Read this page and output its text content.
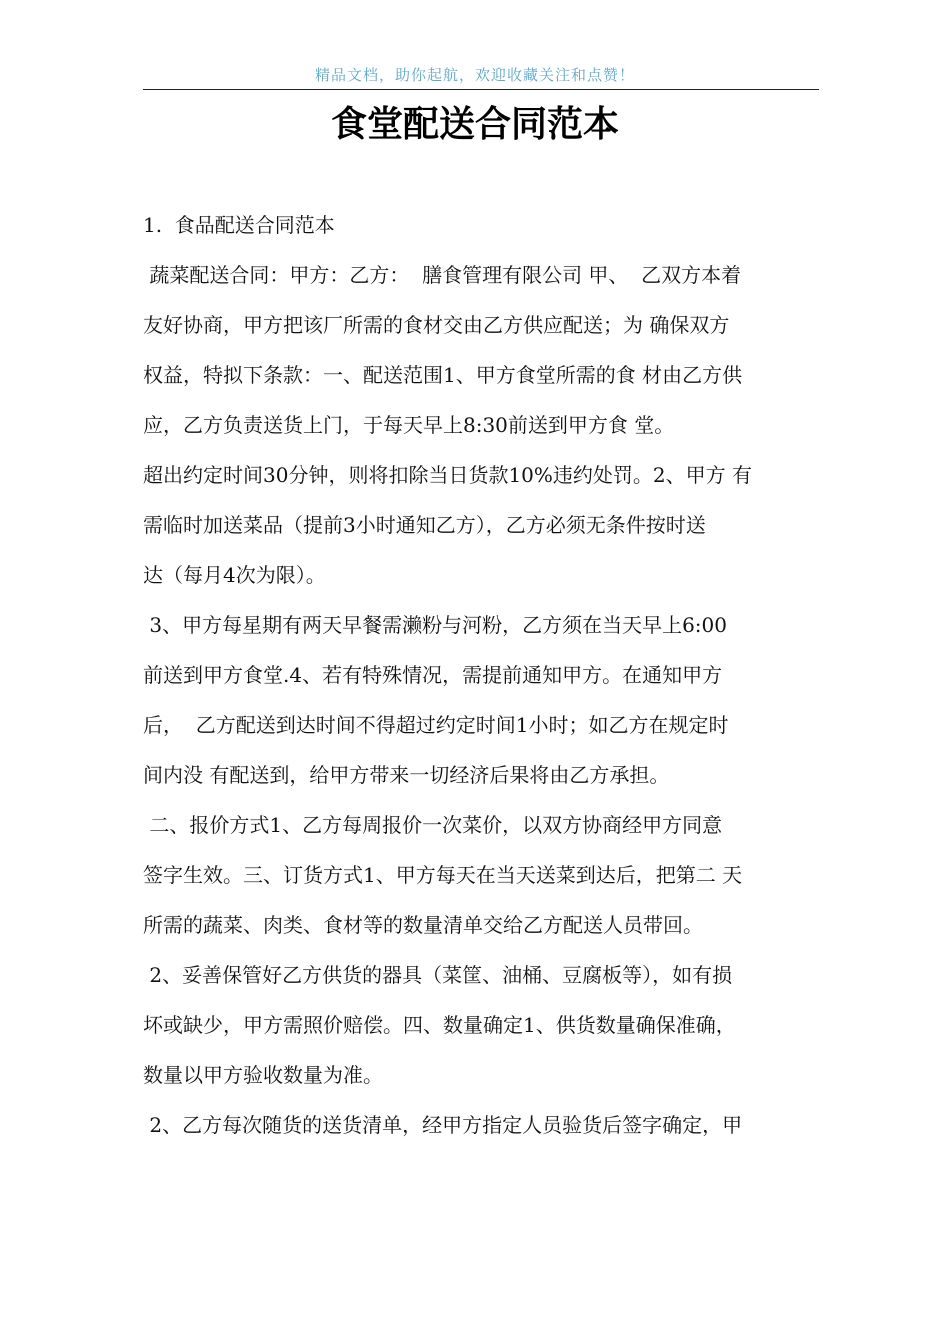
精品文档，助你起航，欢迎收藏关注和点赞！
食堂配送合同范本
1.  食品配送合同范本
蔬菜配送合同：甲方：乙方：  膳食管理有限公司 甲、  乙双方本着
友好协商，甲方把该厂所需的食材交由乙方供应配送；为 确保双方
权益，特拟下条款：一、配送范围1、甲方食堂所需的食 材由乙方供
应，乙方负责送货上门，于每天早上8:30前送到甲方食 堂。
超出约定时间30分钟，则将扣除当日货款10%违约处罚。2、甲方 有
需临时加送菜品（提前3小时通知乙方），乙方必须无条件按时送
达（每月4次为限）。
3、甲方每星期有两天早餐需濑粉与河粉，乙方须在当天早上6:00
前送到甲方食堂.4、若有特殊情况，需提前通知甲方。在通知甲方
后，  乙方配送到达时间不得超过约定时间1小时；如乙方在规定时
间内没 有配送到，给甲方带来一切经济后果将由乙方承担。
二、报价方式1、乙方每周报价一次菜价，以双方协商经甲方同意
签字生效。三、订货方式1、甲方每天在当天送菜到达后，把第二 天
所需的蔬菜、肉类、食材等的数量清单交给乙方配送人员带回。
2、妥善保管好乙方供货的器具（菜筐、油桶、豆腐板等），如有损
坏或缺少，甲方需照价赔偿。四、数量确定1、供货数量确保准确，
数量以甲方验收数量为准。
2、乙方每次随货的送货清单，经甲方指定人员验货后签字确定，甲
